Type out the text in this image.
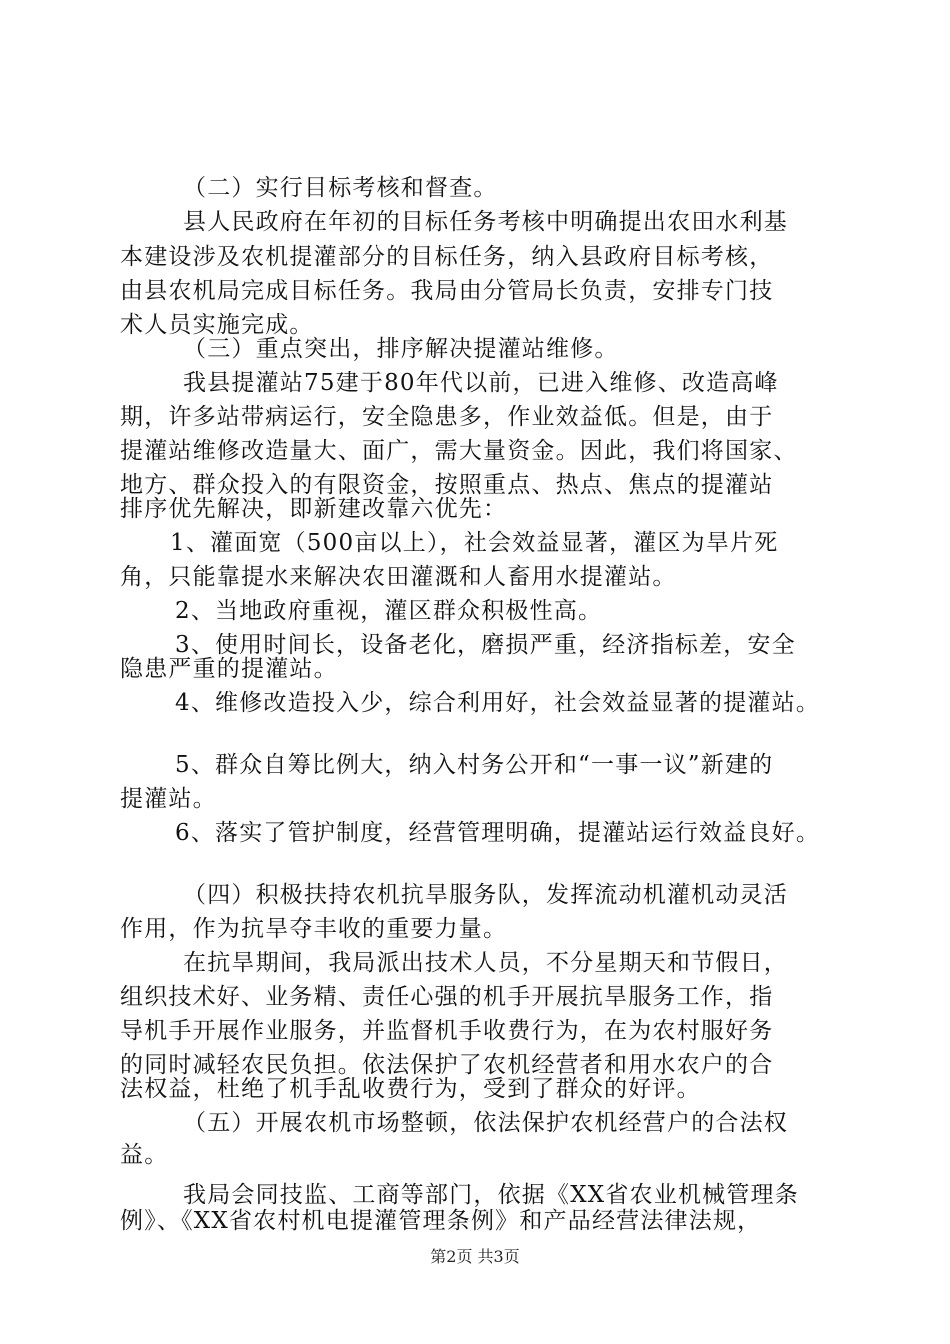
（二）实行目标考核和督查。
县人民政府在年初的目标任务考核中明确提出农田水利基
本建设涉及农机提灌部分的目标任务，纳入县政府目标考核，
由县农机局完成目标任务。我局由分管局长负责，安排专门技
术人员实施完成。
（三）重点突出，排序解决提灌站维修。
我县提灌站75建于80年代以前，已进入维修、改造高峰
期，许多站带病运行，安全隐患多，作业效益低。但是，由于
提灌站维修改造量大、面广，需大量资金。因此，我们将国家、
地方、群众投入的有限资金，按照重点、热点、焦点的提灌站
排序优先解决，即新建改靠六优先：
1、灌面宽（500亩以上），社会效益显著，灌区为旱片死
角，只能靠提水来解决农田灌溉和人畜用水提灌站。
2、当地政府重视，灌区群众积极性高。
3、使用时间长，设备老化，磨损严重，经济指标差，安全
隐患严重的提灌站。
4、维修改造投入少，综合利用好，社会效益显著的提灌站。
5、群众自筹比例大，纳入村务公开和“一事一议”新建的
提灌站。
6、落实了管护制度，经营管理明确，提灌站运行效益良好。
（四）积极扶持农机抗旱服务队，发挥流动机灌机动灵活
作用，作为抗旱夺丰收的重要力量。
在抗旱期间，我局派出技术人员，不分星期天和节假日，
组织技术好、业务精、责任心强的机手开展抗旱服务工作，指
导机手开展作业服务，并监督机手收费行为，在为农村服好务
的同时减轻农民负担。依法保护了农机经营者和用水农户的合
法权益，杜绝了机手乱收费行为，受到了群众的好评。
（五）开展农机市场整顿，依法保护农机经营户的合法权
益。
我局会同技监、工商等部门，依据《XX省农业机械管理条
例》、《XX省农村机电提灌管理条例》和产品经营法律法规，
第2页 共3页
